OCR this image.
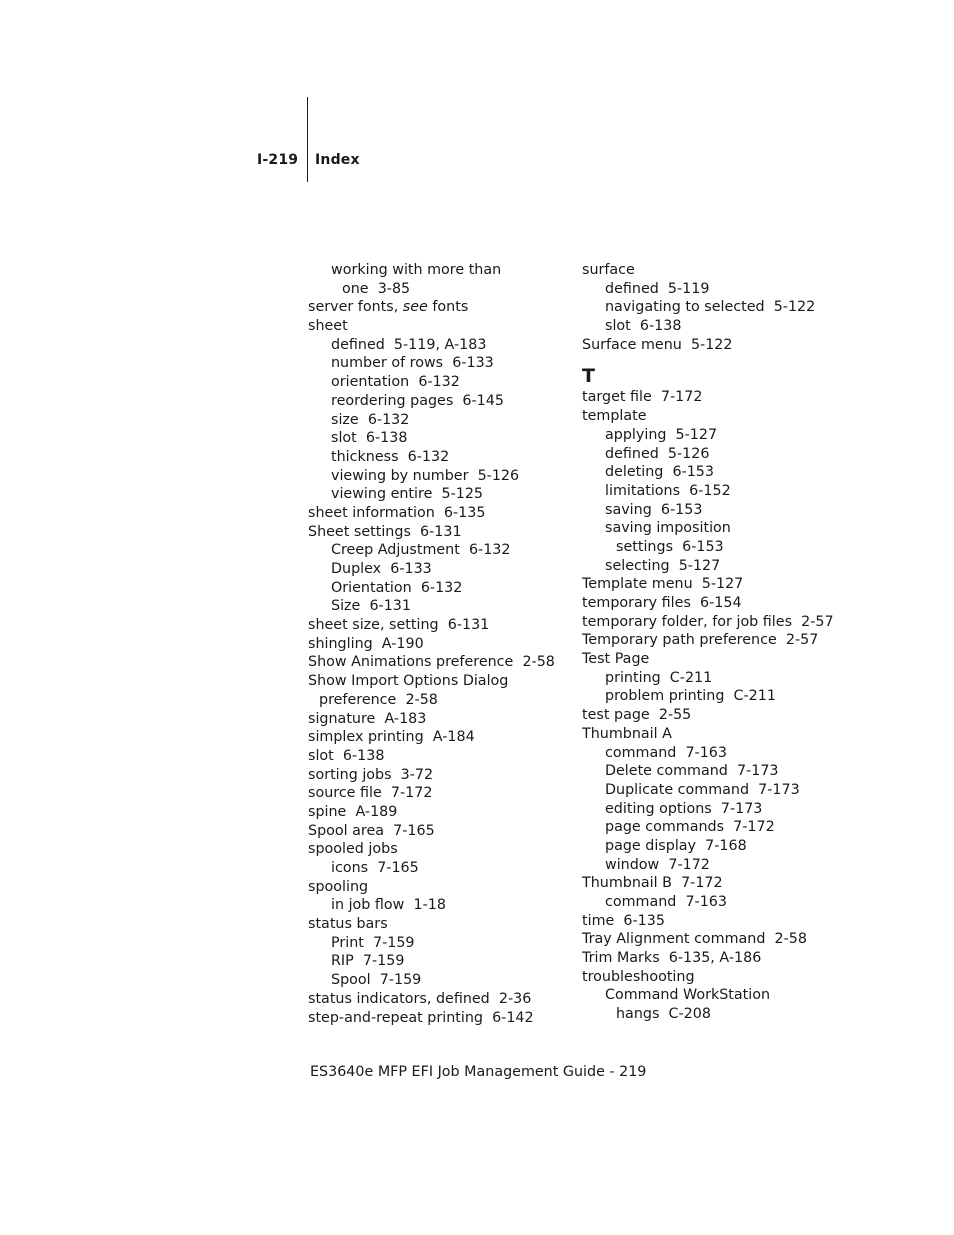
I-219 Index
working with more than
one 3-85
server fonts, see fonts
sheet
defined 5-119, A-183
number of rows 6-133
orientation 6-132
reordering pages 6-145
size 6-132
slot 6-138
thickness 6-132
viewing by number 5-126
viewing entire 5-125
sheet information 6-135
Sheet settings 6-131
Creep Adjustment 6-132
Duplex 6-133
Orientation 6-132
Size 6-131
sheet size, setting 6-131
shingling A-190
Show Animations preference 2-58
Show Import Options Dialog
preference 2-58
signature A-183
simplex printing A-184
slot 6-138
sorting jobs 3-72
source file 7-172
spine A-189
Spool area 7-165
spooled jobs
icons 7-165
spooling
in job flow 1-18
status bars
Print 7-159
RIP 7-159
Spool 7-159
status indicators, defined 2-36
step-and-repeat printing 6-142
surface
defined 5-119
navigating to selected 5-122
slot 6-138
Surface menu 5-122
T
target file 7-172
template
applying 5-127
defined 5-126
deleting 6-153
limitations 6-152
saving 6-153
saving imposition
settings 6-153
selecting 5-127
Template menu 5-127
temporary files 6-154
temporary folder, for job files 2-57
Temporary path preference 2-57
Test Page
printing C-211
problem printing C-211
test page 2-55
Thumbnail A
command 7-163
Delete command 7-173
Duplicate command 7-173
editing options 7-173
page commands 7-172
page display 7-168
window 7-172
Thumbnail B 7-172
command 7-163
time 6-135
Tray Alignment command 2-58
Trim Marks 6-135, A-186
troubleshooting
Command WorkStation
hangs C-208
ES3640e MFP EFI Job Management Guide - 219
